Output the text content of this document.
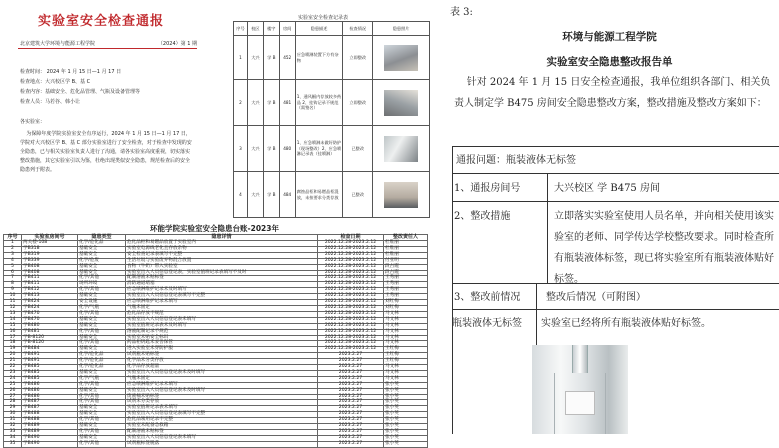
实验室安全检查通报
北京建筑大学环境与能源工程学院	（2024）第 1 期
检查时间： 2024 年 1 月 15 日—1 月 17 日
检查地点：大兴校区学 B、基 C
检查内容：基础安全、危化品管理、气瓶及设备管理等
检查人员：马若谷、韩小让
各实验室：
为保障年度学院实验室安全有序运行，2024 年 1 月 15 日—1 月 17 日，学院对大兴校区学 B、基 C 部分实验室进行了安全检查，对于检查中发现的安全隐患，已与相关实验室负责人进行了沟通，请各实验室高度重视，切实落实整改措施，其它实验室引以为鉴，杜绝出现类似安全隐患，规范检查后的安全隐患列于附表。
实验室安全检查记录表
序号	校区	楼宇	房间	隐患描述	检查情况	隐患照片
1	大兴	学 B	452	应急喷淋装置下方有杂物	立即整改	

2	大兴	学 B	481	1、通风橱内存放较多药品 2、挂钩记录不规范（需签名）	立即整改	

3	大兴	学 B	480	1、应急喷淋未做好防护（现场整改）2、应急喷淋记录表（挂喷淋）	已整改	

4	大兴	学 B	484	腐蚀品柜和易燃品柜混放，未按要求分类存放	已整改	
环能学院实验室安全隐患台账-2023年
序号	实验室房间号	隐患类型	隐患详情	检查日期	整改责任人
1	两关楼-108	化学/危化品	危化品柜和易燃品放置于实验室内	2022.12.28-2023.2.12	杜维丽
2	学B318	基础安全	实验室电源线老化且存放杂物	2022.12.28-2023.2.12	杜维丽
3	学B319	基础安全	安全检查记录表填写不完整	2022.12.28-2023.2.12	杜维丽
4	学B339	化学/危废	生活垃圾与实验废弃物混合放置	2022.12.28-2023.2.12	付亚明
5	学B408	基础安全	食物（牛奶）带入实验室	2022.12.28-2023.2.12	段占霞
6	学B408	基础安全	实验室出入人员信息登记表，实验室值班记录表填写不及时	2022.12.28-2023.2.12	段占霞
7	学B411	化学/其他	配制溶液未贴标签	2022.12.28-2023.2.12	王秀丽
8	学B411	场所环境	消防通道堵塞	2022.12.28-2023.2.12	王秀丽
9	学B412	化学/其他	应急喷淋维护记录未及时填写	2022.12.28-2023.2.12	王秀丽
10	学B413	基础安全	实验室出入人员信息登记表填写不完整	2022.12.28-2023.2.12	王秀丽
11	学B424	安全设施	应急喷淋维护记录未填写	2022.12.28-2023.2.12	刘红梅
12	学B424	化学/气瓶	气瓶未固定	2022.12.28-2023.2.12	刘红梅
13	学B470	化学/其他	危化品存放不规范	2022.12.28-2023.2.12	马文林
14	学B470	基础安全	实验室出入人员信息登记表未填写	2022.12.28-2023.2.12	马文林
15	学B480	基础安全	实验室值班记录表未及时填写	2022.12.28-2023.2.12	马文林
16	学B481	化学/其他	溶液配制记录不规范	2022.12.28-2023.2.12	马文林
17	学B-8120	基础安全	实验室未贴安全标识	2022.12.28-2023.2.12	马文林
18	学B-8120	化学/其他	药品柜钥匙未妥善保管	2022.12.28-2023.2.12	马文林
19	学B484	基础安全	进入实验室未穿防护服	2022.12.28-2023.2.12	王红梅
20	学B491	化学/危化品	试剂瓶未贴标签	2023.2.27	王红梅
21	学B491	化学/危化品	化学品未分类存放	2023.2.27	王红梅
22	学B485	化学/危化品	化学品存放超量	2023.2.27	马文林
23	学B485	基础安全	实验室出入人员信息登记表未及时填写	2023.2.27	马文林
24	学B485	化学/气瓶	气瓶未固定	2023.2.27	马文林
25	学B486	化学/其他	应急喷淋维护记录未填写	2023.2.27	张小英
26	学B486	基础安全	实验室出入人员信息登记表未及时填写	2023.2.27	张小英
27	学B486	化学/其他	废液桶未贴标签	2023.2.27	张小英
28	学B487	化学/其他	试剂未分类存放	2023.2.27	张小英
29	学B487	基础安全	实验室值班记录表未填写	2023.2.27	张小英
30	学B488	基础安全	实验室出入人员信息登记表填写不完整	2023.2.27	张小英
31	学B488	化学/其他	危化品领用记录不完整	2023.2.27	张小英
32	学B489	基础安全	实验室未配备急救箱	2023.2.27	张小英
33	学B489	化学/其他	配制溶液未贴标签	2023.2.27	张小英
34	学B490	基础安全	实验室出入人员信息登记表未填写	2023.2.27	张小英
35	学B490	化学/其他	试剂瓶标签脱落	2023.2.27	张小英
表 3:
环境与能源工程学院
实验室安全隐患整改报告单
针对 2024 年 1 月 15 日安全检查通报，我单位组织各部门、相关负责人制定学 B475 房间安全隐患整改方案，整改措施及整改方案如下：
通报问题：瓶装液体无标签
1、通报房间号	大兴校区 学 B475 房间
2、整改措施	立即落实实验室使用人员名单，并向相关使用该实验室的老师、同学传达学校整改要求。同时检查所有瓶装液体标签，现已将实验室所有瓶装液体贴好标签。
3、整改前情况	整改后情况（可附图）
瓶装液体无标签	实验室已经将所有瓶装液体贴好标签。
